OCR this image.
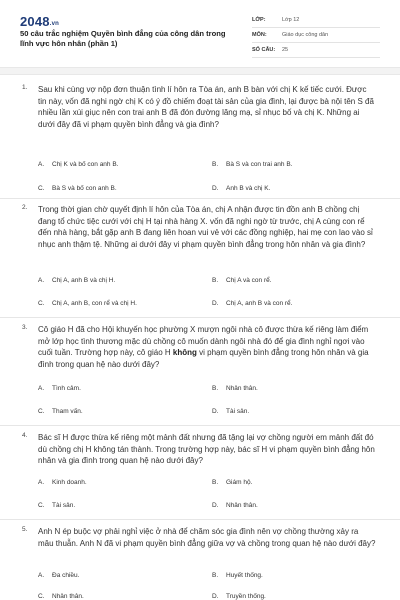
2048.vn
50 câu trắc nghiệm Quyền bình đẳng của công dân trong lĩnh vực hôn nhân (phần 1)
LỚP:	Lớp 12
MÔN:	Giáo dục công dân
SỐ CÂU:	25
1. Sau khi cùng vợ nộp đơn thuận tình lí hôn ra Tòa án, anh B bàn với chị K kế tiếc cưới. Được tin này, vốn đã nghi ngờ chị K có ý đồ chiếm đoạt tài sản của gia đình, lại được bà nội tên S đã nhiều lần xúi giục nên con trai anh B đã đón đường lăng mạ, sỉ nhục bố và chị K. Những ai dưới đây đã vi phạm quyền bình đẳng và gia đình?
A. Chị K và bố con anh B.	B. Bà S và con trai anh B.
C. Bà S và bố con anh B.	D. Anh B và chị K.
2. Trong thời gian chờ quyết định lí hôn của Tòa án, chị A nhận được tin đồn anh B chồng chị đang tổ chức tiệc cưới với chị H tại nhà hàng X. vốn đã nghi ngờ từ trước, chị A cùng con rể đến nhà hàng, bắt gặp anh B đang liên hoan vui vẻ với các đồng nghiệp, hai mẹ con lao vào sỉ nhục anh thậm tệ. Những ai dưới đây vi phạm quyền bình đẳng trong hôn nhân và gia đình?
A. Chị A, anh B và chị H.	B. Chị A và con rể.
C. Chị A, anh B, con rể và chị H.	D. Chị A, anh B và con rể.
3. Cô giáo H đã cho Hội khuyến học phường X mượn ngôi nhà cô được thừa kế riêng làm điểm mở lớp học tình thương mặc dù chồng cô muốn dành ngôi nhà đó để gia đình nghỉ ngơi vào cuối tuần. Trường hợp này, cô giáo H không vi phạm quyền bình đẳng trong hôn nhân và gia đình trong quan hệ nào dưới đây?
A. Tình cảm.	B. Nhân thân.
C. Tham vấn.	D. Tài sản.
4. Bác sĩ H được thừa kế riêng một mảnh đất nhưng đã tặng lại vợ chồng người em mảnh đất đó dù chồng chị H không tán thành. Trong trường hợp này, bác sĩ H vi phạm quyền bình đẳng hôn nhân và gia đình trong quan hệ nào dưới đây?
A. Kinh doanh.	B. Giám hộ.
C. Tài sản.	D. Nhân thân.
5. Anh N ép buộc vợ phải nghỉ việc ở nhà để chăm sóc gia đình nên vợ chồng thường xảy ra mâu thuẫn. Anh N đã vi phạm quyền bình đẳng giữa vợ và chồng trong quan hệ nào dưới đây?
A. Đa chiều.	B. Huyết thống.
C. Nhân thân.	D. Truyền thống.
